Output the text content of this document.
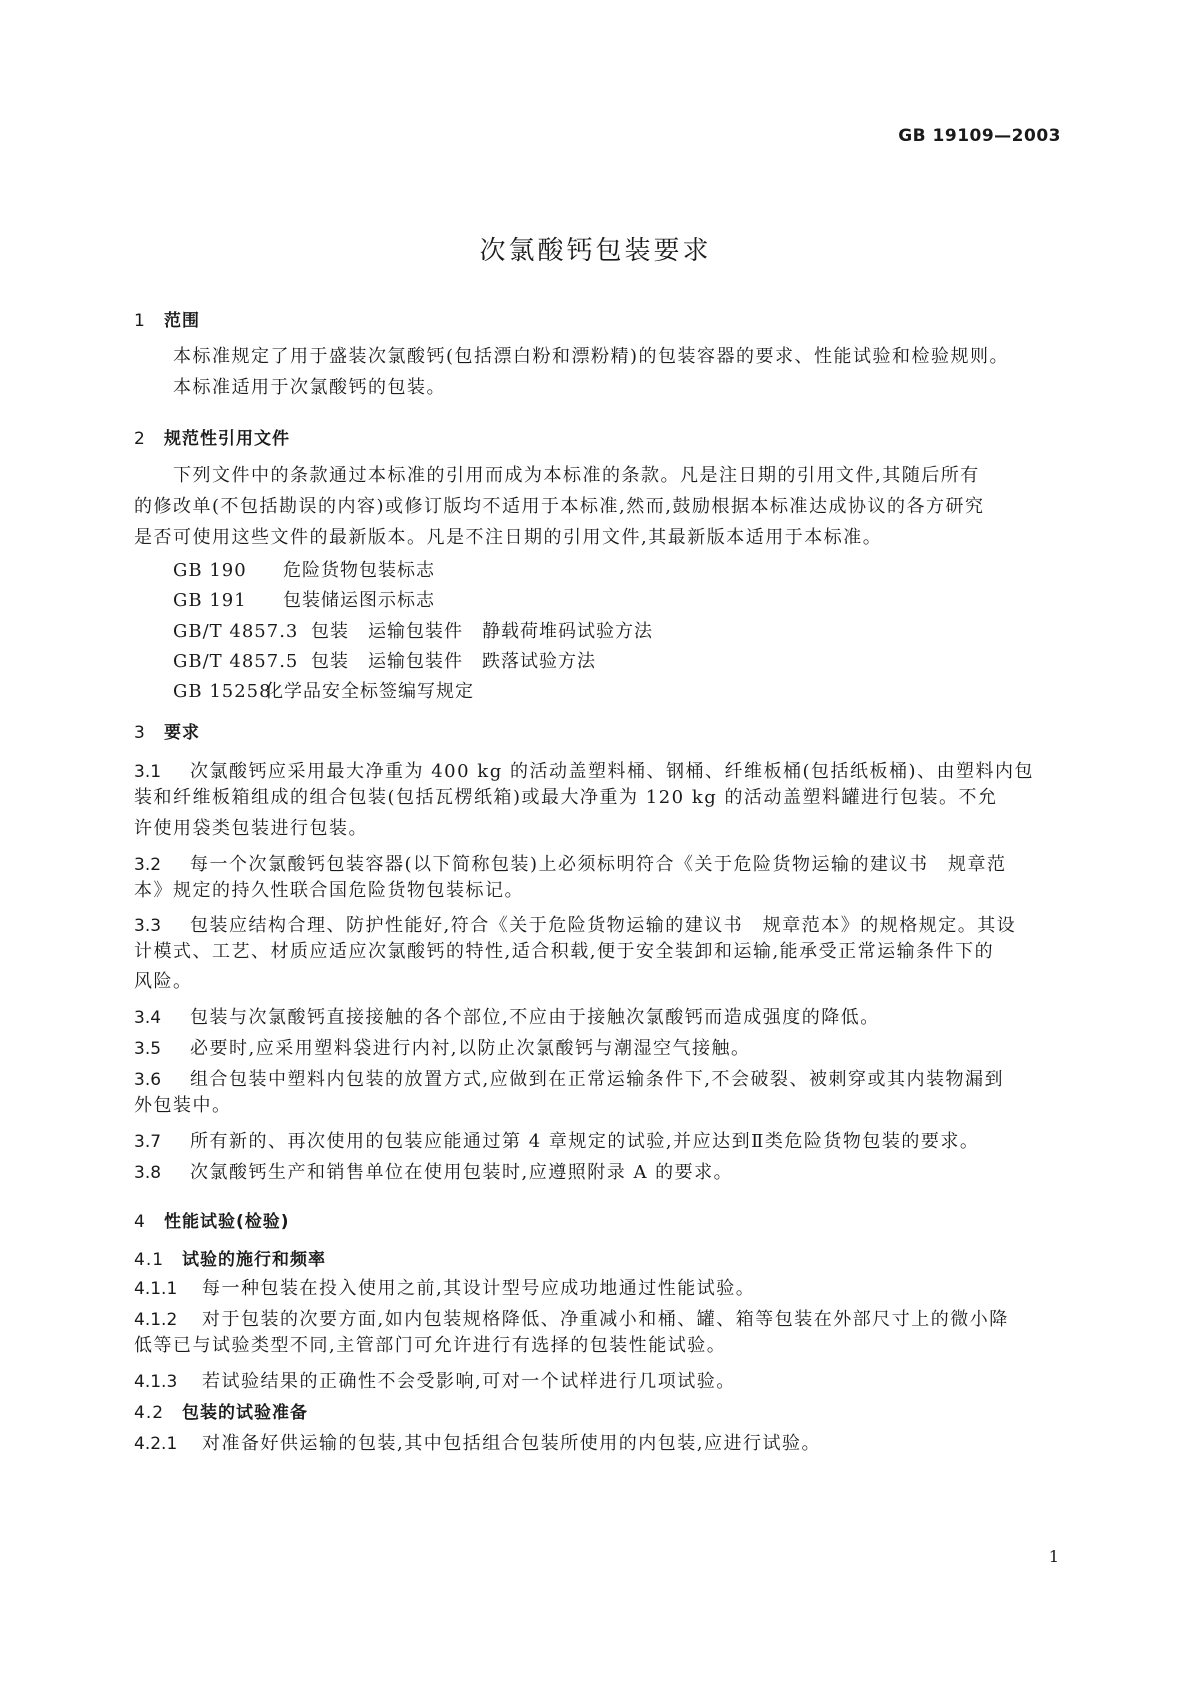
GB 19109—2003
次氯酸钙包装要求
1 范围
本标准规定了用于盛装次氯酸钙(包括漂白粉和漂粉精)的包装容器的要求、性能试验和检验规则。
本标准适用于次氯酸钙的包装。
2 规范性引用文件
下列文件中的条款通过本标准的引用而成为本标准的条款。凡是注日期的引用文件,其随后所有
的修改单(不包括勘误的内容)或修订版均不适用于本标准,然而,鼓励根据本标准达成协议的各方研究
是否可使用这些文件的最新版本。凡是不注日期的引用文件,其最新版本适用于本标准。
GB 190 危险货物包装标志
GB 191 包装储运图示标志
GB/T 4857.3 包装　运输包装件　静载荷堆码试验方法
GB/T 4857.5 包装　运输包装件　跌落试验方法
GB 15258化学品安全标签编写规定
3 要求
3.1 次氯酸钙应采用最大净重为 400 kg 的活动盖塑料桶、钢桶、纤维板桶(包括纸板桶)、由塑料内包
装和纤维板箱组成的组合包装(包括瓦楞纸箱)或最大净重为 120 kg 的活动盖塑料罐进行包装。不允
许使用袋类包装进行包装。
3.2 每一个次氯酸钙包装容器(以下简称包装)上必须标明符合《关于危险货物运输的建议书　规章范
本》规定的持久性联合国危险货物包装标记。
3.3 包装应结构合理、防护性能好,符合《关于危险货物运输的建议书　规章范本》的规格规定。其设
计模式、工艺、材质应适应次氯酸钙的特性,适合积载,便于安全装卸和运输,能承受正常运输条件下的
风险。
3.4 包装与次氯酸钙直接接触的各个部位,不应由于接触次氯酸钙而造成强度的降低。
3.5 必要时,应采用塑料袋进行内衬,以防止次氯酸钙与潮湿空气接触。
3.6 组合包装中塑料内包装的放置方式,应做到在正常运输条件下,不会破裂、被刺穿或其内装物漏到
外包装中。
3.7 所有新的、再次使用的包装应能通过第 4 章规定的试验,并应达到Ⅱ类危险货物包装的要求。
3.8 次氯酸钙生产和销售单位在使用包装时,应遵照附录 A 的要求。
4 性能试验(检验)
4.1 试验的施行和频率
4.1.1 每一种包装在投入使用之前,其设计型号应成功地通过性能试验。
4.1.2 对于包装的次要方面,如内包装规格降低、净重减小和桶、罐、箱等包装在外部尺寸上的微小降
低等已与试验类型不同,主管部门可允许进行有选择的包装性能试验。
4.1.3 若试验结果的正确性不会受影响,可对一个试样进行几项试验。
4.2 包装的试验准备
4.2.1 对准备好供运输的包装,其中包括组合包装所使用的内包装,应进行试验。
1
